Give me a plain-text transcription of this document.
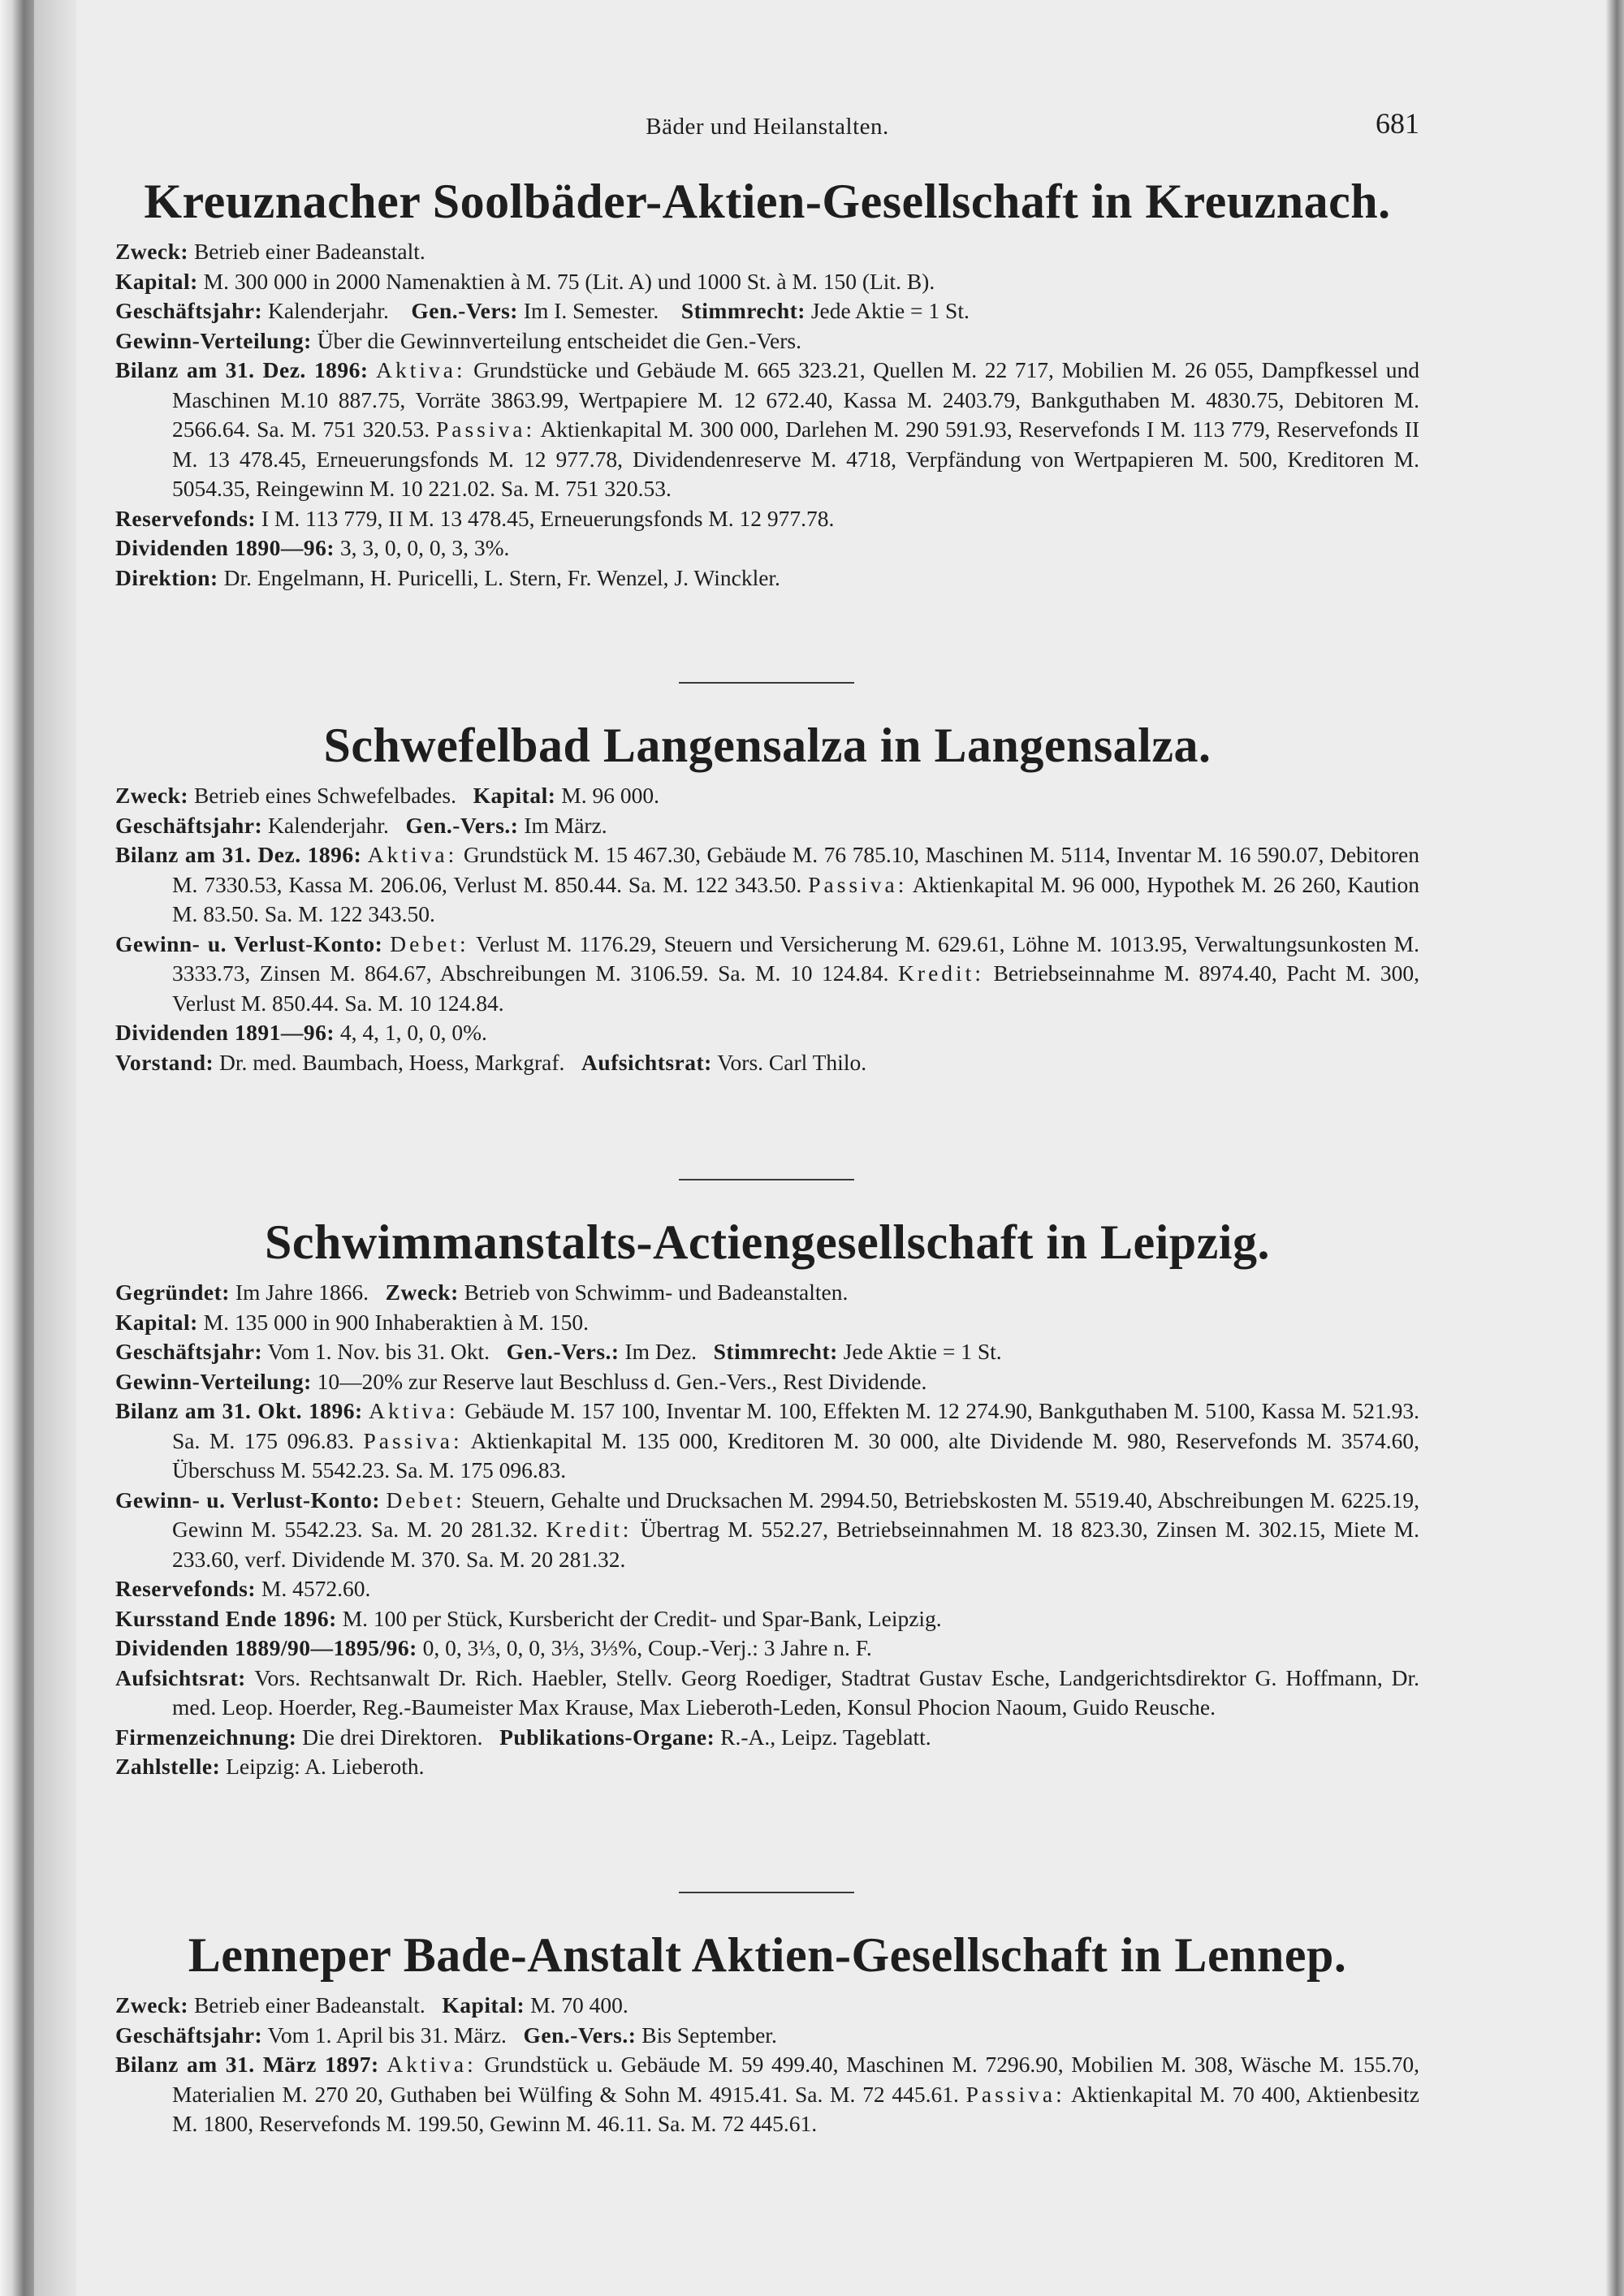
Bäder und Heilanstalten.	681
Kreuznacher Soolbäder-Aktien-Gesellschaft in Kreuznach.

Zweck: Betrieb einer Badeanstalt.

Kapital: M. 300 000 in 2000 Namenaktien à M. 75 (Lit. A) und 1000 St. à M. 150 (Lit. B).

Geschäftsjahr: Kalenderjahr. Gen.-Vers: Im I. Semester. Stimmrecht: Jede Aktie = 1 St.

Gewinn-Verteilung: Über die Gewinnverteilung entscheidet die Gen.-Vers.

Bilanz am 31. Dez. 1896: Aktiva: Grundstücke und Gebäude M. 665 323.21, Quellen M. 22 717, Mobilien M. 26 055, Dampfkessel und Maschinen M.10 887.75, Vorräte 3863.99, Wertpapiere M. 12 672.40, Kassa M. 2403.79, Bankguthaben M. 4830.75, Debitoren M. 2566.64. Sa. M. 751 320.53. Passiva: Aktienkapital M. 300 000, Darlehen M. 290 591.93, Reservefonds I M. 113 779, Reservefonds II M. 13 478.45, Erneuerungsfonds M. 12 977.78, Dividendenreserve M. 4718, Verpfändung von Wertpapieren M. 500, Kreditoren M. 5054.35, Reingewinn M. 10 221.02. Sa. M. 751 320.53.

Reservefonds: I M. 113 779, II M. 13 478.45, Erneuerungsfonds M. 12 977.78.

Dividenden 1890—96: 3, 3, 0, 0, 0, 3, 3%.

Direktion: Dr. Engelmann, H. Puricelli, L. Stern, Fr. Wenzel, J. Winckler.

Schwefelbad Langensalza in Langensalza.

Zweck: Betrieb eines Schwefelbades. Kapital: M. 96 000.

Geschäftsjahr: Kalenderjahr. Gen.-Vers.: Im März.

Bilanz am 31. Dez. 1896: Aktiva: Grundstück M. 15 467.30, Gebäude M. 76 785.10, Maschinen M. 5114, Inventar M. 16 590.07, Debitoren M. 7330.53, Kassa M. 206.06, Verlust M. 850.44. Sa. M. 122 343.50. Passiva: Aktienkapital M. 96 000, Hypothek M. 26 260, Kaution M. 83.50. Sa. M. 122 343.50.

Gewinn- u. Verlust-Konto: Debet: Verlust M. 1176.29, Steuern und Versicherung M. 629.61, Löhne M. 1013.95, Verwaltungsunkosten M. 3333.73, Zinsen M. 864.67, Abschreibungen M. 3106.59. Sa. M. 10 124.84. Kredit: Betriebseinnahme M. 8974.40, Pacht M. 300, Verlust M. 850.44. Sa. M. 10 124.84.

Dividenden 1891—96: 4, 4, 1, 0, 0, 0%.

Vorstand: Dr. med. Baumbach, Hoess, Markgraf. Aufsichtsrat: Vors. Carl Thilo.

Schwimmanstalts-Actiengesellschaft in Leipzig.

Gegründet: Im Jahre 1866. Zweck: Betrieb von Schwimm- und Badeanstalten.

Kapital: M. 135 000 in 900 Inhaberaktien à M. 150.

Geschäftsjahr: Vom 1. Nov. bis 31. Okt. Gen.-Vers.: Im Dez. Stimmrecht: Jede Aktie = 1 St.

Gewinn-Verteilung: 10—20% zur Reserve laut Beschluss d. Gen.-Vers., Rest Dividende.

Bilanz am 31. Okt. 1896: Aktiva: Gebäude M. 157 100, Inventar M. 100, Effekten M. 12 274.90, Bankguthaben M. 5100, Kassa M. 521.93. Sa. M. 175 096.83. Passiva: Aktienkapital M. 135 000, Kreditoren M. 30 000, alte Dividende M. 980, Reservefonds M. 3574.60, Überschuss M. 5542.23. Sa. M. 175 096.83.

Gewinn- u. Verlust-Konto: Debet: Steuern, Gehalte und Drucksachen M. 2994.50, Betriebskosten M. 5519.40, Abschreibungen M. 6225.19, Gewinn M. 5542.23. Sa. M. 20 281.32. Kredit: Übertrag M. 552.27, Betriebseinnahmen M. 18 823.30, Zinsen M. 302.15, Miete M. 233.60, verf. Dividende M. 370. Sa. M. 20 281.32.

Reservefonds: M. 4572.60.

Kursstand Ende 1896: M. 100 per Stück, Kursbericht der Credit- und Spar-Bank, Leipzig.

Dividenden 1889/90—1895/96: 0, 0, 3⅓, 0, 0, 3⅓, 3⅓%, Coup.-Verj.: 3 Jahre n. F.

Aufsichtsrat: Vors. Rechtsanwalt Dr. Rich. Haebler, Stellv. Georg Roediger, Stadtrat Gustav Esche, Landgerichtsdirektor G. Hoffmann, Dr. med. Leop. Hoerder, Reg.-Baumeister Max Krause, Max Lieberoth-Leden, Konsul Phocion Naoum, Guido Reusche.

Firmenzeichnung: Die drei Direktoren. Publikations-Organe: R.-A., Leipz. Tageblatt.

Zahlstelle: Leipzig: A. Lieberoth.

Lenneper Bade-Anstalt Aktien-Gesellschaft in Lennep.

Zweck: Betrieb einer Badeanstalt. Kapital: M. 70 400.

Geschäftsjahr: Vom 1. April bis 31. März. Gen.-Vers.: Bis September.

Bilanz am 31. März 1897: Aktiva: Grundstück u. Gebäude M. 59 499.40, Maschinen M. 7296.90, Mobilien M. 308, Wäsche M. 155.70, Materialien M. 270 20, Guthaben bei Wülfing & Sohn M. 4915.41. Sa. M. 72 445.61. Passiva: Aktienkapital M. 70 400, Aktienbesitz M. 1800, Reservefonds M. 199.50, Gewinn M. 46.11. Sa. M. 72 445.61.
